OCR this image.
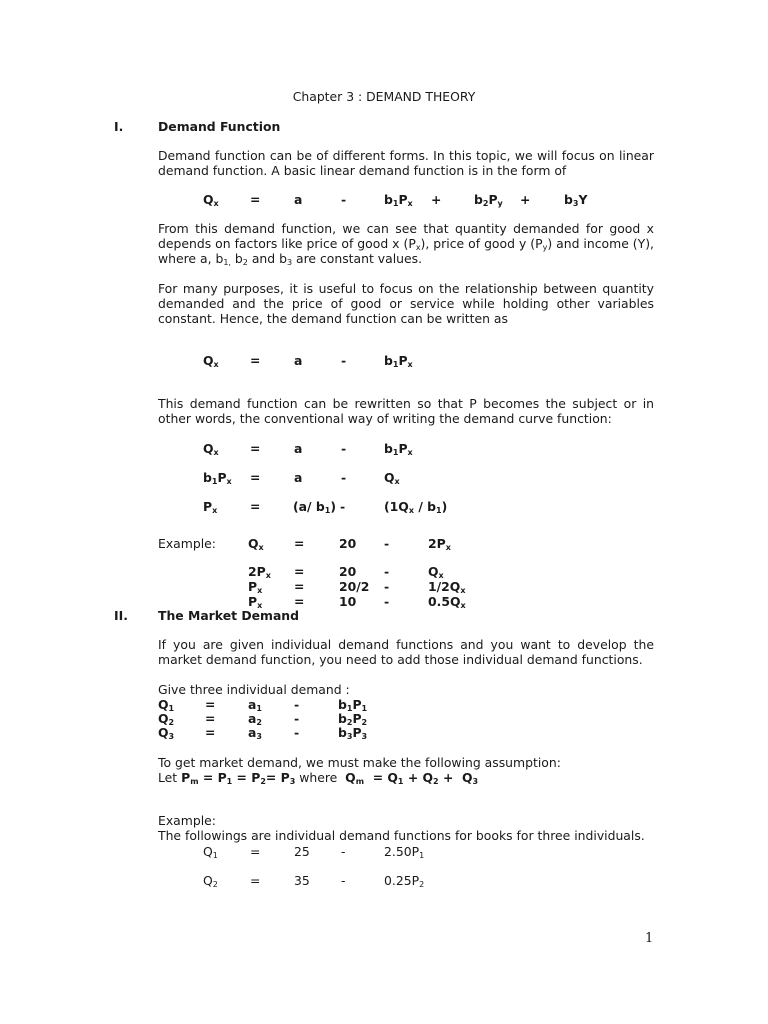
Chapter 3 : DEMAND THEORY
I.	Demand Function
Demand function can be of different forms. In this topic, we will focus on linear demand function. A basic linear demand function is in the form of
$Q_x$	=	a	-	$b_1P_x$ +	$b_2P_y$ +	$b_3Y$
From this demand function, we can see that quantity demanded for good x depends on factors like price of good x $(P_x)$, price of good y $(P_y)$ and income (Y), where a, $b_{1,}$ $b_2$ and $b_3$ are constant values.
For many purposes, it is useful to focus on the relationship between quantity demanded and the price of good or service while holding other variables constant. Hence, the demand function can be written as
$Q_x$	=	a	-	$b_1P_x$
This demand function can be rewritten so that P becomes the subject or in other words, the conventional way of writing the demand curve function:
$Q_x$	=	a	-	$b_1P_x$
$b_1P_x$ =	a	-	$Q_x$
$P_x$	=	(a/ $b_1$) -	$(1Q_x / b_1)$
Example:	$Q_x$ =	20 -	$2P_x$
$2P_x$ =	20 -	$Q_x$
$P_x$	=	20/2 -	$1/2Q_x$
$P_x$	=	10 -	$0.5Q_x$
II. The Market Demand
If you are given individual demand functions and you want to develop the market demand function, you need to add those individual demand functions.
Give three individual demand :
$Q_1$ =	$a_1$	-	$b_1P_1$
$Q_2$ =	$a_2$	-	$b_2P_2$
$Q_3$ =	$a_3$	-	$b_3P_3$
To get market demand, we must make the following assumption:
Let $P_m = P_1 = P_2= P_3$ where $Q_m = Q_1 + Q_2 + Q_3$
Example:
The followings are individual demand functions for books for three individuals.
$Q_1$	=	25	-	$2.50P_1$
$Q_2$	=	35	-	$0.25P_2$
1
